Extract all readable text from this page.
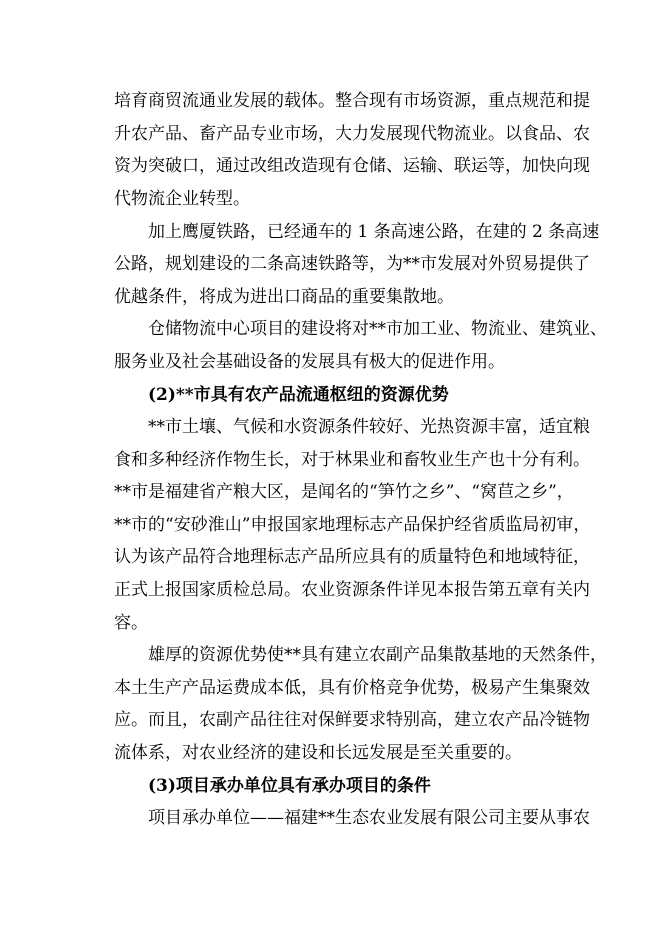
培育商贸流通业发展的载体。整合现有市场资源，重点规范和提
升农产品、畜产品专业市场，大力发展现代物流业。以食品、农
资为突破口，通过改组改造现有仓储、运输、联运等，加快向现
代物流企业转型。
加上鹰厦铁路，已经通车的 1 条高速公路，在建的 2 条高速
公路，规划建设的二条高速铁路等，为**市发展对外贸易提供了
优越条件，将成为进出口商品的重要集散地。
仓储物流中心项目的建设将对**市加工业、物流业、建筑业、
服务业及社会基础设备的发展具有极大的促进作用。
(2)**市具有农产品流通枢纽的资源优势
**市土壤、气候和水资源条件较好、光热资源丰富，适宜粮
食和多种经济作物生长，对于林果业和畜牧业生产也十分有利。
**市是福建省产粮大区，是闻名的“笋竹之乡”、“窝苣之乡”，
**市的“安砂淮山”申报国家地理标志产品保护经省质监局初审，
认为该产品符合地理标志产品所应具有的质量特色和地域特征，
正式上报国家质检总局。农业资源条件详见本报告第五章有关内
容。
雄厚的资源优势使**具有建立农副产品集散基地的天然条件，
本土生产产品运费成本低，具有价格竞争优势，极易产生集聚效
应。而且，农副产品往往对保鲜要求特别高，建立农产品冷链物
流体系，对农业经济的建设和长远发展是至关重要的。
(3)项目承办单位具有承办项目的条件
项目承办单位——福建**生态农业发展有限公司主要从事农
